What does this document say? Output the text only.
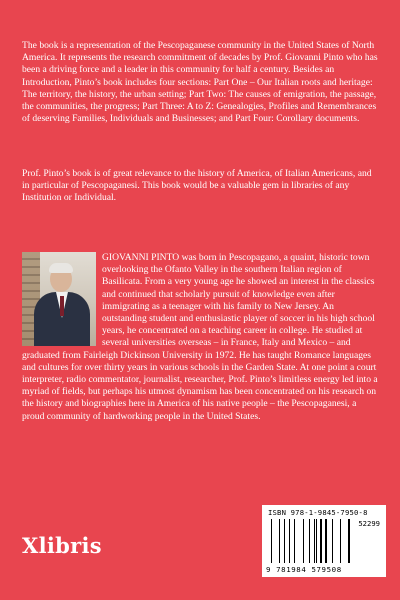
The book is a representation of the Pescopaganese community in the United States of North America. It represents the research commitment of decades by Prof. Giovanni Pinto who has been a driving force and a leader in this community for half a century. Besides an Introduction, Pinto’s book includes four sections: Part One – Our Italian roots and heritage: The territory, the history, the urban setting; Part Two: The causes of emigration, the passage, the communities, the progress; Part Three: A to Z: Genealogies, Profiles and Remembrances of deserving Families, Individuals and Businesses; and Part Four: Corollary documents.

Prof. Pinto’s book is of great relevance to the history of America, of Italian Americans, and in particular of Pescopaganesi. This book would be a valuable gem in libraries of any Institution or Individual.

GIOVANNI PINTO was born in Pescopagano, a quaint, historic town overlooking the Ofanto Valley in the southern Italian region of Basilicata. From a very young age he showed an interest in the classics and continued that scholarly pursuit of knowledge even after immigrating as a teenager with his family to New Jersey. An outstanding student and enthusiastic player of soccer in his high school years, he concentrated on a teaching career in college. He studied at several universities overseas – in France, Italy and Mexico – and graduated from Fairleigh Dickinson University in 1972. He has taught Romance languages and cultures for over thirty years in various schools in the Garden State. At one point a court interpreter, radio commentator, journalist, researcher, Prof. Pinto’s limitless energy led into a myriad of fields, but perhaps his utmost dynamism has been concentrated on his research on the history and biographies here in America of his native people – the Pescopaganesi, a proud community of hardworking people in the United States.

ISBN 978-1-9845-7950-8
52299
9 781984 579508
Xlibris
